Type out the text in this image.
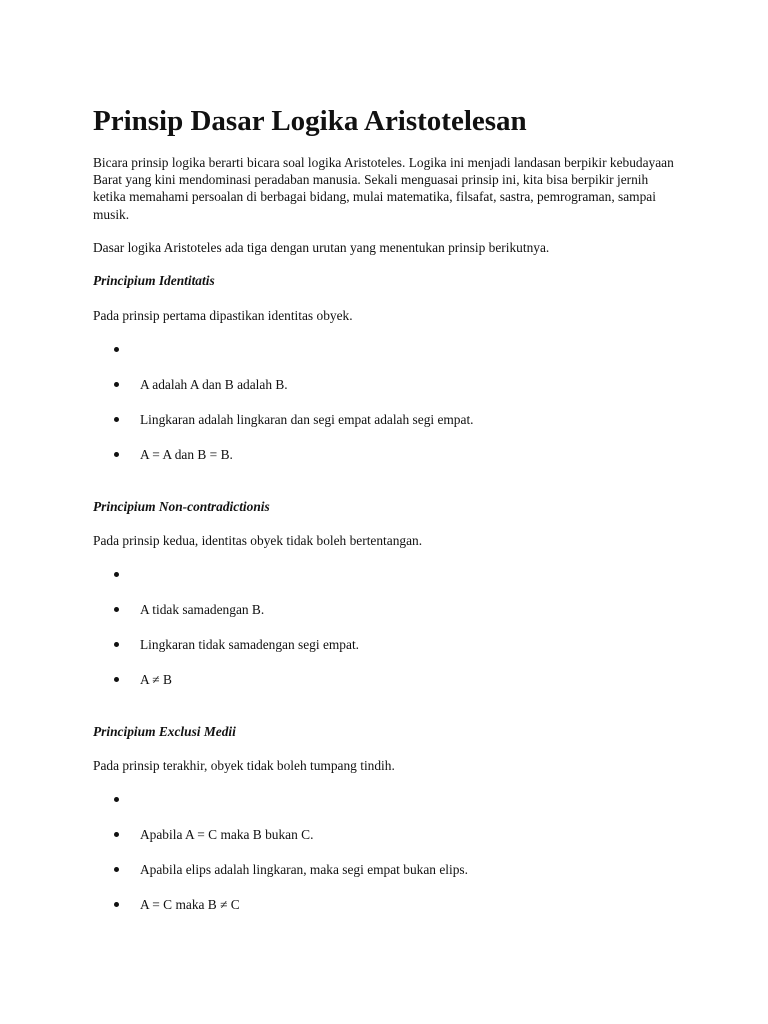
Prinsip Dasar Logika Aristotelesan

Bicara prinsip logika berarti bicara soal logika Aristoteles. Logika ini menjadi landasan berpikir kebudayaan Barat yang kini mendominasi peradaban manusia. Sekali menguasai prinsip ini, kita bisa berpikir jernih ketika memahami persoalan di berbagai bidang, mulai matematika, filsafat, sastra, pemrograman, sampai musik.

Dasar logika Aristoteles ada tiga dengan urutan yang menentukan prinsip berikutnya.

Principium Identitatis

Pada prinsip pertama dipastikan identitas obyek.

A adalah A dan B adalah B.
Lingkaran adalah lingkaran dan segi empat adalah segi empat.
A = A dan B = B.

Principium Non-contradictionis

Pada prinsip kedua, identitas obyek tidak boleh bertentangan.

A tidak samadengan B.
Lingkaran tidak samadengan segi empat.
A ≠ B

Principium Exclusi Medii

Pada prinsip terakhir, obyek tidak boleh tumpang tindih.

Apabila A = C maka B bukan C.
Apabila elips adalah lingkaran, maka segi empat bukan elips.
A = C maka B ≠ C
